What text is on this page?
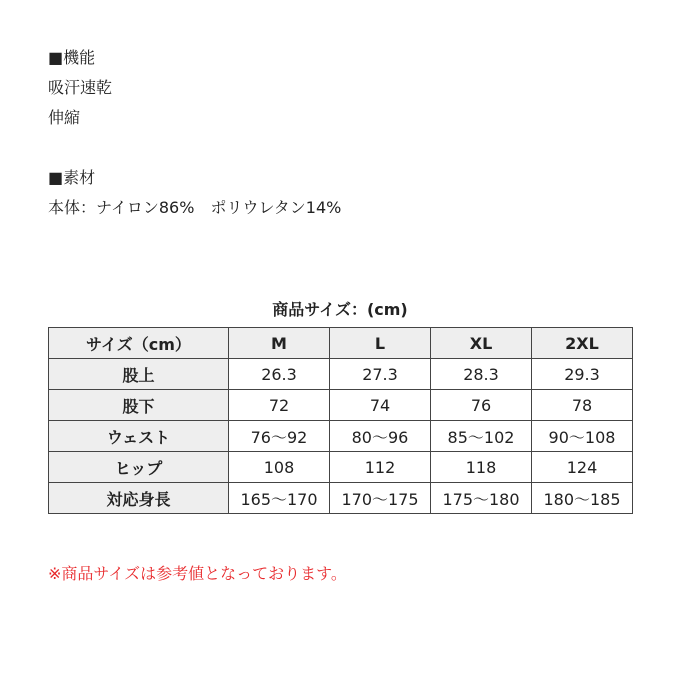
■機能
吸汗速乾
伸縮
■素材
本体：ナイロン86%　ポリウレタン14%
商品サイズ：(cm)
サイズ（cm）	M	L	XL	2XL
股上	26.3	27.3	28.3	29.3
股下	72	74	76	78
ウェスト	76〜92	80〜96	85〜102	90〜108
ヒップ	108	112	118	124
対応身長	165〜170	170〜175	175〜180	180〜185
※商品サイズは参考値となっております。
